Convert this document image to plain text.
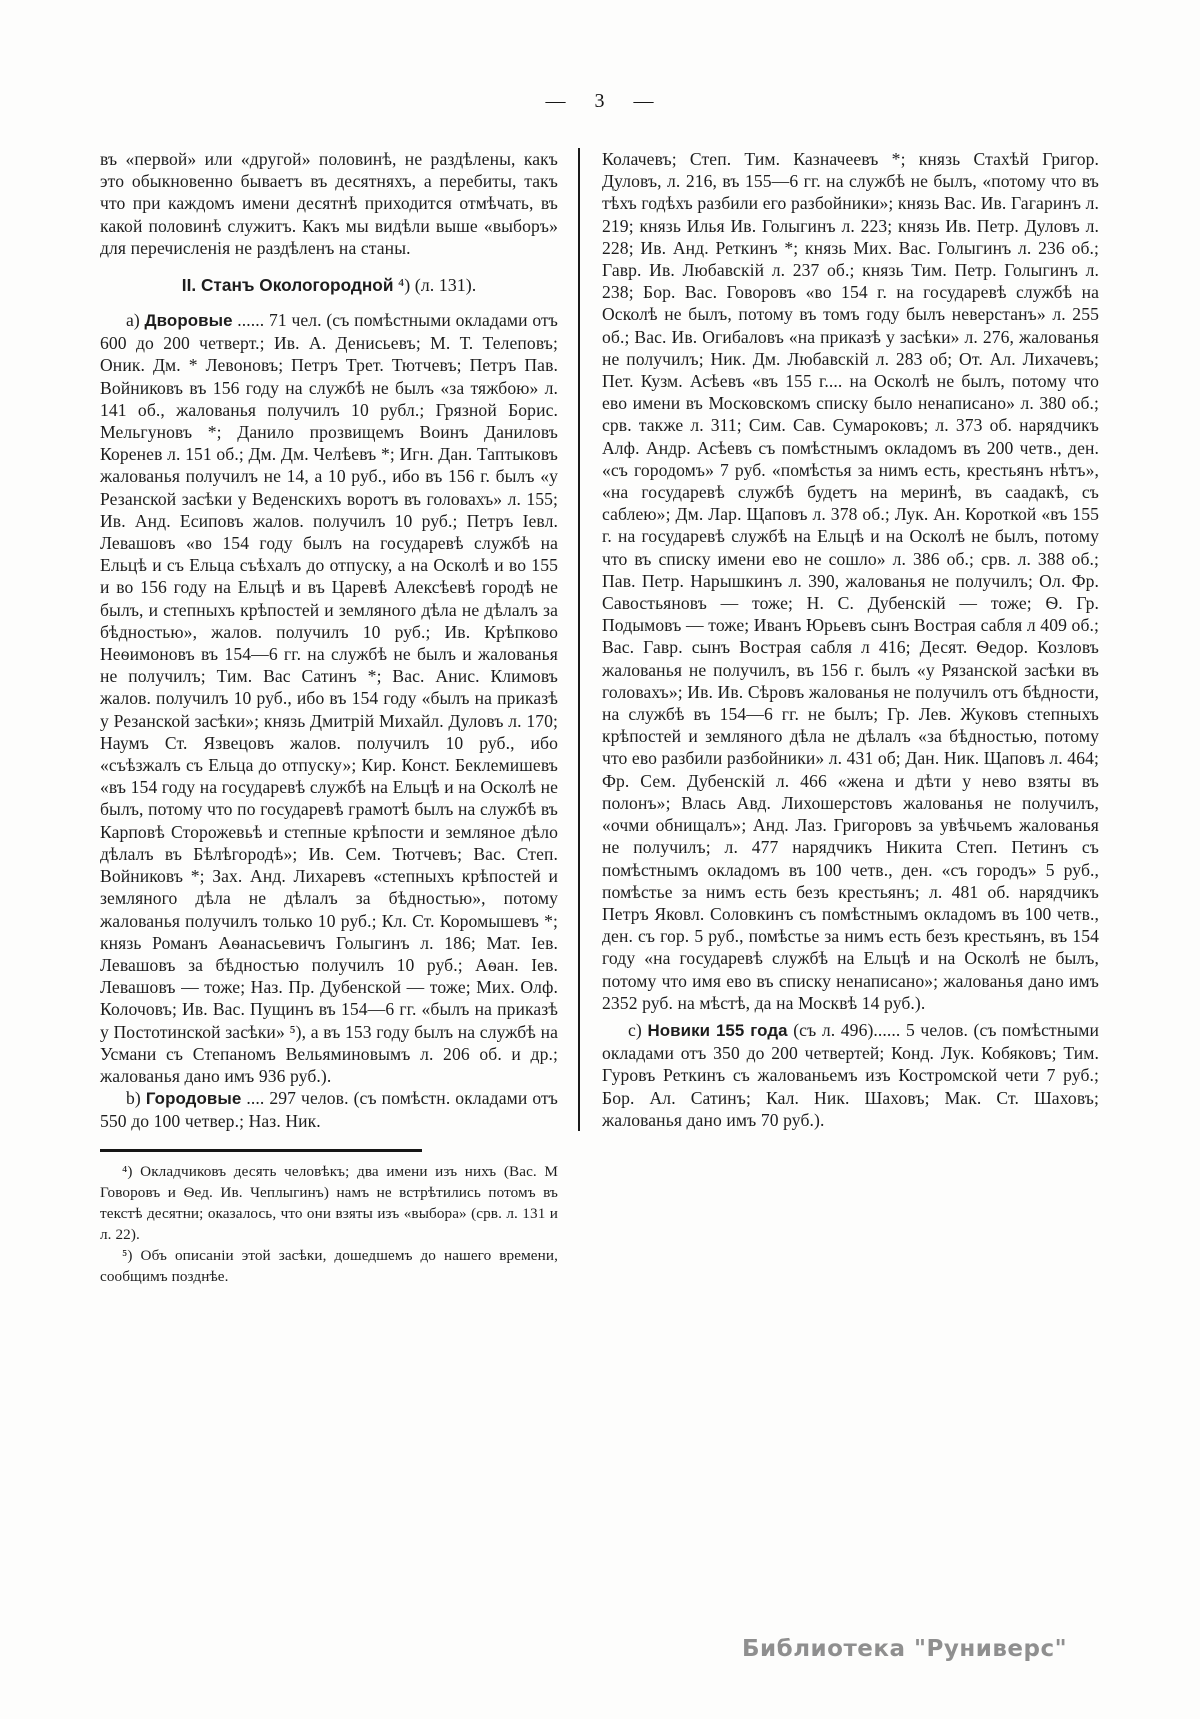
— 3 —

въ «первой» или «другой» половинѣ, не раздѣлены, какъ это обыкновенно бываетъ въ десятняхъ, а перебиты, такъ что при каждомъ имени десятнѣ приходится отмѣчать, въ какой половинѣ служитъ. Какъ мы видѣли выше «выборъ» для перечисленія не раздѣленъ на станы.

II. Станъ Окологородной ⁴) (л. 131).

а) Дворовые ...... 71 чел. (съ помѣстными окладами отъ 600 до 200 четверт.; Ив. А. Денисьевъ; М. Т. Телеповъ; Оник. Дм. * Левоновъ; Петръ Трет. Тютчевъ; Петръ Пав. Войниковъ въ 156 году на службѣ не былъ «за тяжбою» л. 141 об., жалованья получилъ 10 рубл.; Грязной Борис. Мельгуновъ *; Данило прозвищемъ Воинъ Даниловъ Коренев л. 151 об.; Дм. Дм. Челѣевъ *; Игн. Дан. Таптыковъ жалованья получилъ не 14, а 10 руб., ибо въ 156 г. былъ «у Резанской засѣки у Веденскихъ воротъ въ головахъ» л. 155; Ив. Анд. Есиповъ жалов. получилъ 10 руб.; Петръ Іевл. Левашовъ «во 154 году былъ на государевѣ службѣ на Ельцѣ и съ Ельца съѣхалъ до отпуску, а на Осколѣ и во 155 и во 156 году на Ельцѣ и въ Царевѣ Алексѣевѣ городѣ не былъ, и степныхъ крѣпостей и земляного дѣла не дѣлалъ за бѣдностью», жалов. получилъ 10 руб.; Ив. Крѣпково Неѳимоновъ въ 154—6 гг. на службѣ не былъ и жалованья не получилъ; Тим. Вас Сатинъ *; Вас. Анис. Климовъ жалов. получилъ 10 руб., ибо въ 154 году «былъ на приказѣ у Резанской засѣки»; князь Дмитрій Михайл. Дуловъ л. 170; Наумъ Ст. Язвецовъ жалов. получилъ 10 руб., ибо «съѣзжалъ съ Ельца до отпуску»; Кир. Конст. Беклемишевъ «въ 154 году на государевѣ службѣ на Ельцѣ и на Осколѣ не былъ, потому что по государевѣ грамотѣ былъ на службѣ въ Карповѣ Сторожевьѣ и степные крѣпости и земляное дѣло дѣлалъ въ Бѣлѣгородѣ»; Ив. Сем. Тютчевъ; Вас. Степ. Войниковъ *; Зах. Анд. Лихаревъ «степныхъ крѣпостей и земляного дѣла не дѣлалъ за бѣдностью», потому жалованья получилъ только 10 руб.; Кл. Ст. Коромышевъ *; князь Романъ Аѳанасьевичъ Голыгинъ л. 186; Мат. Іев. Левашовъ за бѣдностью получилъ 10 руб.; Аѳан. Іев. Левашовъ — тоже; Наз. Пр. Дубенской — тоже; Мих. Олф. Колочовъ; Ив. Вас. Пущинъ въ 154—6 гг. «былъ на приказѣ у Постотинской засѣки» ⁵), а въ 153 году былъ на службѣ на Усмани съ Степаномъ Вельяминовымъ л. 206 об. и др.; жалованья дано имъ 936 руб.).

b) Городовые .... 297 челов. (съ помѣстн. окладами отъ 550 до 100 четвер.; Наз. Ник.

⁴) Окладчиковъ десять человѣкъ; два имени изъ нихъ (Вас. М Говоровъ и Ѳед. Ив. Чеплыгинъ) намъ не встрѣтились потомъ въ текстѣ десятни; оказалось, что они взяты изъ «выбора» (срв. л. 131 и л. 22).

⁵) Объ описаніи этой засѣки, дошедшемъ до нашего времени, сообщимъ позднѣе.

Колачевъ; Степ. Тим. Казначеевъ *; князь Стахѣй Григор. Дуловъ, л. 216, въ 155—6 гг. на службѣ не былъ, «потому что въ тѣхъ годѣхъ разбили его разбойники»; князь Вас. Ив. Гагаринъ л. 219; князь Илья Ив. Голыгинъ л. 223; князь Ив. Петр. Дуловъ л. 228; Ив. Анд. Реткинъ *; князь Мих. Вас. Голыгинъ л. 236 об.; Гавр. Ив. Любавскій л. 237 об.; князь Тим. Петр. Голыгинъ л. 238; Бор. Вас. Говоровъ «во 154 г. на государевѣ службѣ на Осколѣ не былъ, потому въ томъ году былъ неверстанъ» л. 255 об.; Вас. Ив. Огибаловъ «на приказѣ у засѣки» л. 276, жалованья не получилъ; Ник. Дм. Любавскій л. 283 об; От. Ал. Лихачевъ; Пет. Кузм. Асѣевъ «въ 155 г.... на Осколѣ не былъ, потому что ево имени въ Московскомъ списку было ненаписано» л. 380 об.; срв. также л. 311; Сим. Сав. Сумароковъ; л. 373 об. нарядчикъ Алф. Андр. Асѣевъ съ помѣстнымъ окладомъ въ 200 четв., ден. «съ городомъ» 7 руб. «помѣстья за нимъ есть, крестьянъ нѣтъ», «на государевѣ службѣ будетъ на меринѣ, въ саадакѣ, съ саблею»; Дм. Лар. Щаповъ л. 378 об.; Лук. Ан. Короткой «въ 155 г. на государевѣ службѣ на Ельцѣ и на Осколѣ не былъ, потому что въ списку имени ево не сошло» л. 386 об.; срв. л. 388 об.; Пав. Петр. Нарышкинъ л. 390, жалованья не получилъ; Ол. Фр. Савостьяновъ — тоже; Н. С. Дубенскій — тоже; Ѳ. Гр. Подымовъ — тоже; Иванъ Юрьевъ сынъ Вострая сабля л 409 об.; Вас. Гавр. сынъ Вострая сабля л 416; Десят. Ѳедор. Козловъ жалованья не получилъ, въ 156 г. былъ «у Рязанской засѣки въ головахъ»; Ив. Ив. Сѣровъ жалованья не получилъ отъ бѣдности, на службѣ въ 154—6 гг. не былъ; Гр. Лев. Жуковъ степныхъ крѣпостей и земляного дѣла не дѣлалъ «за бѣдностью, потому что ево разбили разбойники» л. 431 об; Дан. Ник. Щаповъ л. 464; Фр. Сем. Дубенскій л. 466 «жена и дѣти у нево взяты въ полонъ»; Влась Авд. Лихошерстовъ жалованья не получилъ, «очми обнищалъ»; Анд. Лаз. Григоровъ за увѣчьемъ жалованья не получилъ; л. 477 нарядчикъ Никита Степ. Петинъ съ помѣстнымъ окладомъ въ 100 четв., ден. «съ городъ» 5 руб., помѣстье за нимъ есть безъ крестьянъ; л. 481 об. нарядчикъ Петръ Яковл. Соловкинъ съ помѣстнымъ окладомъ въ 100 четв., ден. съ гор. 5 руб., помѣстье за нимъ есть безъ крестьянъ, въ 154 году «на государевѣ службѣ на Ельцѣ и на Осколѣ не былъ, потому что имя ево въ списку ненаписано»; жалованья дано имъ 2352 руб. на мѣстѣ, да на Москвѣ 14 руб.).

с) Новики 155 года (съ л. 496)...... 5 челов. (съ помѣстными окладами отъ 350 до 200 четвертей; Конд. Лук. Кобяковъ; Тим. Гуровъ Реткинъ съ жалованьемъ изъ Костромской чети 7 руб.; Бор. Ал. Сатинъ; Кал. Ник. Шаховъ; Мак. Ст. Шаховъ; жалованья дано имъ 70 руб.).

Библиотека "Руниверс"
